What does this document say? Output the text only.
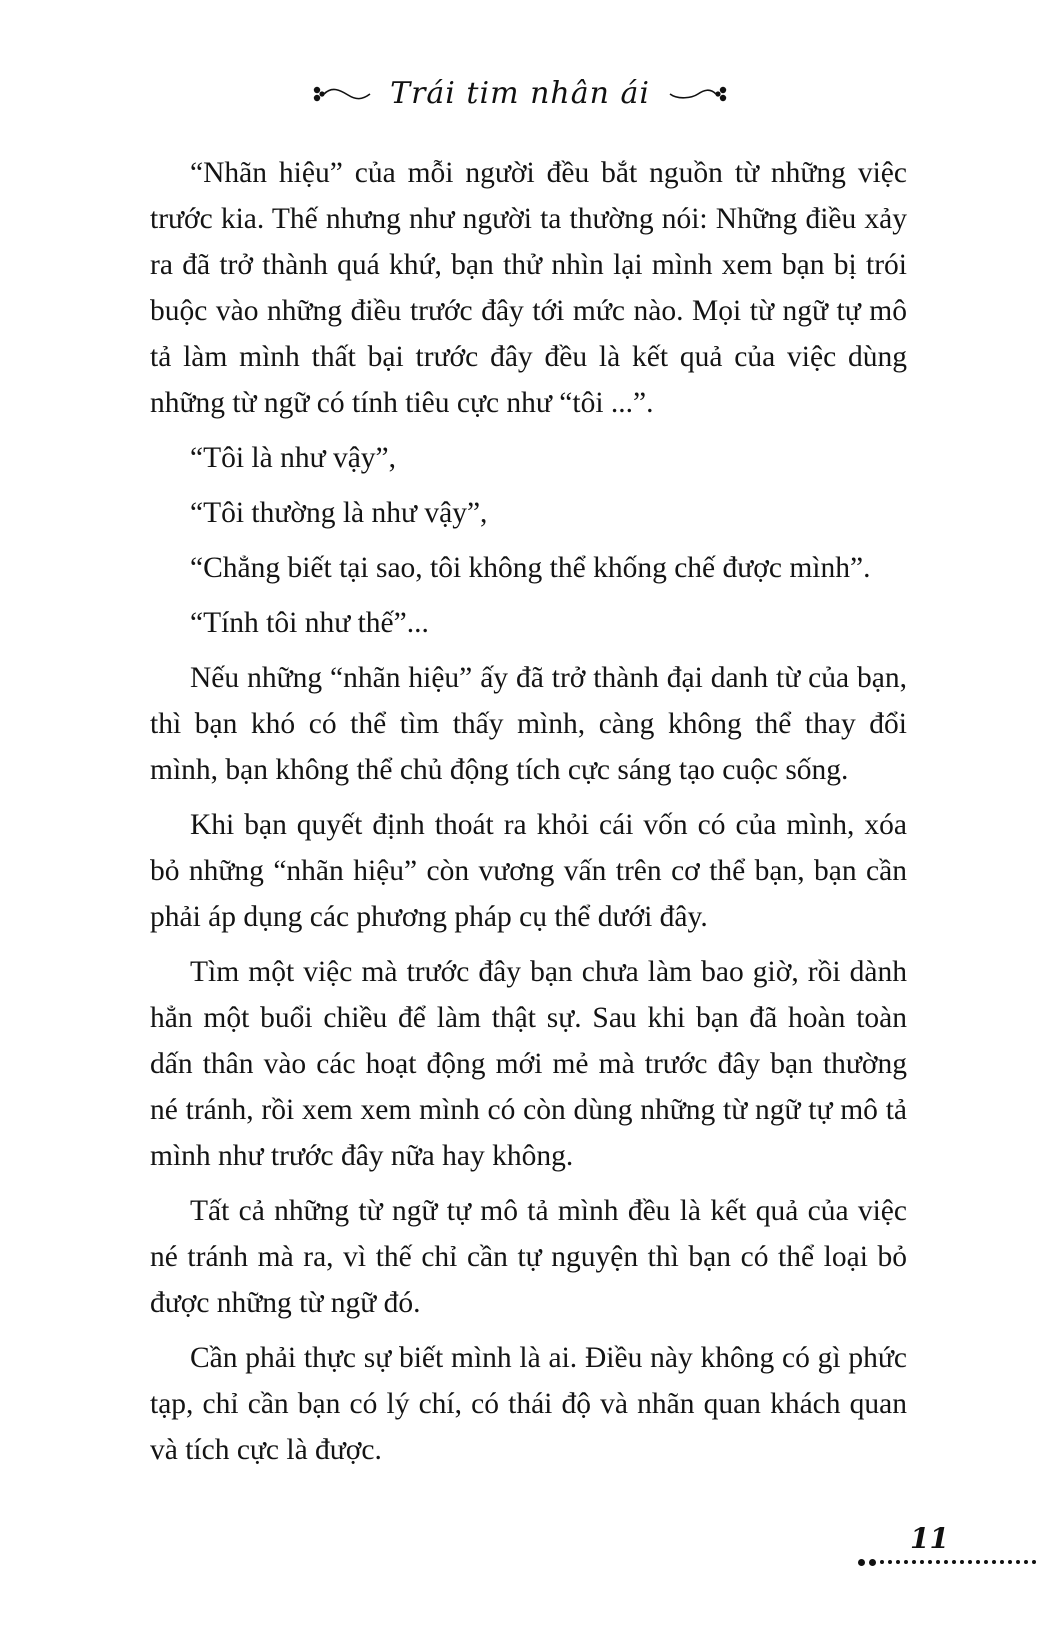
Trái tim nhân ái

“Nhãn hiệu” của mỗi người đều bắt nguồn từ những việc trước kia. Thế nhưng như người ta thường nói: Những điều xảy ra đã trở thành quá khứ, bạn thử nhìn lại mình xem bạn bị trói buộc vào những điều trước đây tới mức nào. Mọi từ ngữ tự mô tả làm mình thất bại trước đây đều là kết quả của việc dùng những từ ngữ có tính tiêu cực như “tôi ...”.

“Tôi là như vậy”,

“Tôi thường là như vậy”,

“Chẳng biết tại sao, tôi không thể khống chế được mình”.

“Tính tôi như thế”...

Nếu những “nhãn hiệu” ấy đã trở thành đại danh từ của bạn, thì bạn khó có thể tìm thấy mình, càng không thể thay đổi mình, bạn không thể chủ động tích cực sáng tạo cuộc sống.

Khi bạn quyết định thoát ra khỏi cái vốn có của mình, xóa bỏ những “nhãn hiệu” còn vương vấn trên cơ thể bạn, bạn cần phải áp dụng các phương pháp cụ thể dưới đây.

Tìm một việc mà trước đây bạn chưa làm bao giờ, rồi dành hẳn một buổi chiều để làm thật sự. Sau khi bạn đã hoàn toàn dấn thân vào các hoạt động mới mẻ mà trước đây bạn thường né tránh, rồi xem xem mình có còn dùng những từ ngữ tự mô tả mình như trước đây nữa hay không.

Tất cả những từ ngữ tự mô tả mình đều là kết quả của việc né tránh mà ra, vì thế chỉ cần tự nguyện thì bạn có thể loại bỏ được những từ ngữ đó.

Cần phải thực sự biết mình là ai. Điều này không có gì phức tạp, chỉ cần bạn có lý chí, có thái độ và nhãn quan khách quan và tích cực là được.

11
